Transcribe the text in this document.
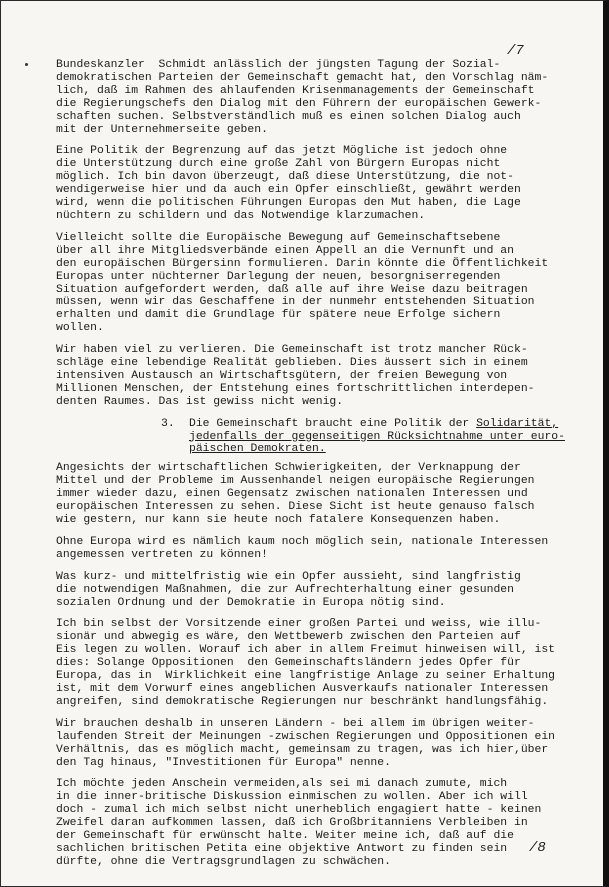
/7
Bundeskanzler  Schmidt anlässlich der jüngsten Tagung der Sozial-
demokratischen Parteien der Gemeinschaft gemacht hat, den Vorschlag näm-
lich, daß im Rahmen des ahlaufenden Krisenmanagements der Gemeinschaft
die Regierungschefs den Dialog mit den Führern der europäischen Gewerk-
schaften suchen. Selbstverständlich muß es einen solchen Dialog auch
mit der Unternehmerseite geben.
Eine Politik der Begrenzung auf das jetzt Mögliche ist jedoch ohne
die Unterstützung durch eine große Zahl von Bürgern Europas nicht
möglich. Ich bin davon überzeugt, daß diese Unterstützung, die not-
wendigerweise hier und da auch ein Opfer einschließt, gewährt werden
wird, wenn die politischen Führungen Europas den Mut haben, die Lage
nüchtern zu schildern und das Notwendige klarzumachen.
Vielleicht sollte die Europäische Bewegung auf Gemeinschaftsebene
über all ihre Mitgliedsverbände einen Appell an die Vernunft und an
den europäischen Bürgersinn formulieren. Darin könnte die Öffentlichkeit
Europas unter nüchterner Darlegung der neuen, besorgniserregenden
Situation aufgefordert werden, daß alle auf ihre Weise dazu beitragen
müssen, wenn wir das Geschaffene in der nunmehr entstehenden Situation
erhalten und damit die Grundlage für spätere neue Erfolge sichern
wollen.
Wir haben viel zu verlieren. Die Gemeinschaft ist trotz mancher Rück-
schläge eine lebendige Realität geblieben. Dies äussert sich in einem
intensiven Austausch an Wirtschaftsgütern, der freien Bewegung von
Millionen Menschen, der Entstehung eines fortschrittlichen interdepen-
denten Raumes. Das ist gewiss nicht wenig.
3.	Die Gemeinschaft braucht eine Politik der Solidarität,
jedenfalls der gegenseitigen Rücksichtnahme unter euro-
päischen Demokraten.
Angesichts der wirtschaftlichen Schwierigkeiten, der Verknappung der
Mittel und der Probleme im Aussenhandel neigen europäische Regierungen
immer wieder dazu, einen Gegensatz zwischen nationalen Interessen und
europäischen Interessen zu sehen. Diese Sicht ist heute genauso falsch
wie gestern, nur kann sie heute noch fatalere Konsequenzen haben.
Ohne Europa wird es nämlich kaum noch möglich sein, nationale Interessen
angemessen vertreten zu können!
Was kurz- und mittelfristig wie ein Opfer aussieht, sind langfristig
die notwendigen Maßnahmen, die zur Aufrechterhaltung einer gesunden
sozialen Ordnung und der Demokratie in Europa nötig sind.
Ich bin selbst der Vorsitzende einer großen Partei und weiss, wie illu-
sionär und abwegig es wäre, den Wettbewerb zwischen den Parteien auf
Eis legen zu wollen. Worauf ich aber in allem Freimut hinweisen will, ist
dies: Solange Oppositionen  den Gemeinschaftsländern jedes Opfer für
Europa, das in  Wirklichkeit eine langfristige Anlage zu seiner Erhaltung
ist, mit dem Vorwurf eines angeblichen Ausverkaufs nationaler Interessen
angreifen, sind demokratische Regierungen nur beschränkt handlungsfähig.
Wir brauchen deshalb in unseren Ländern - bei allem im übrigen weiter-
laufenden Streit der Meinungen -zwischen Regierungen und Oppositionen ein
Verhältnis, das es möglich macht, gemeinsam zu tragen, was ich hier,über
den Tag hinaus, "Investitionen für Europa" nenne.
Ich möchte jeden Anschein vermeiden,als sei mi danach zumute, mich
in die inner-britische Diskussion einmischen zu wollen. Aber ich will
doch - zumal ich mich selbst nicht unerheblich engagiert hatte - keinen
Zweifel daran aufkommen lassen, daß ich Großbritanniens Verbleiben in
der Gemeinschaft für erwünscht halte. Weiter meine ich, daß auf die
sachlichen britischen Petita eine objektive Antwort zu finden sein
dürfte, ohne die Vertragsgrundlagen zu schwächen.
/8
